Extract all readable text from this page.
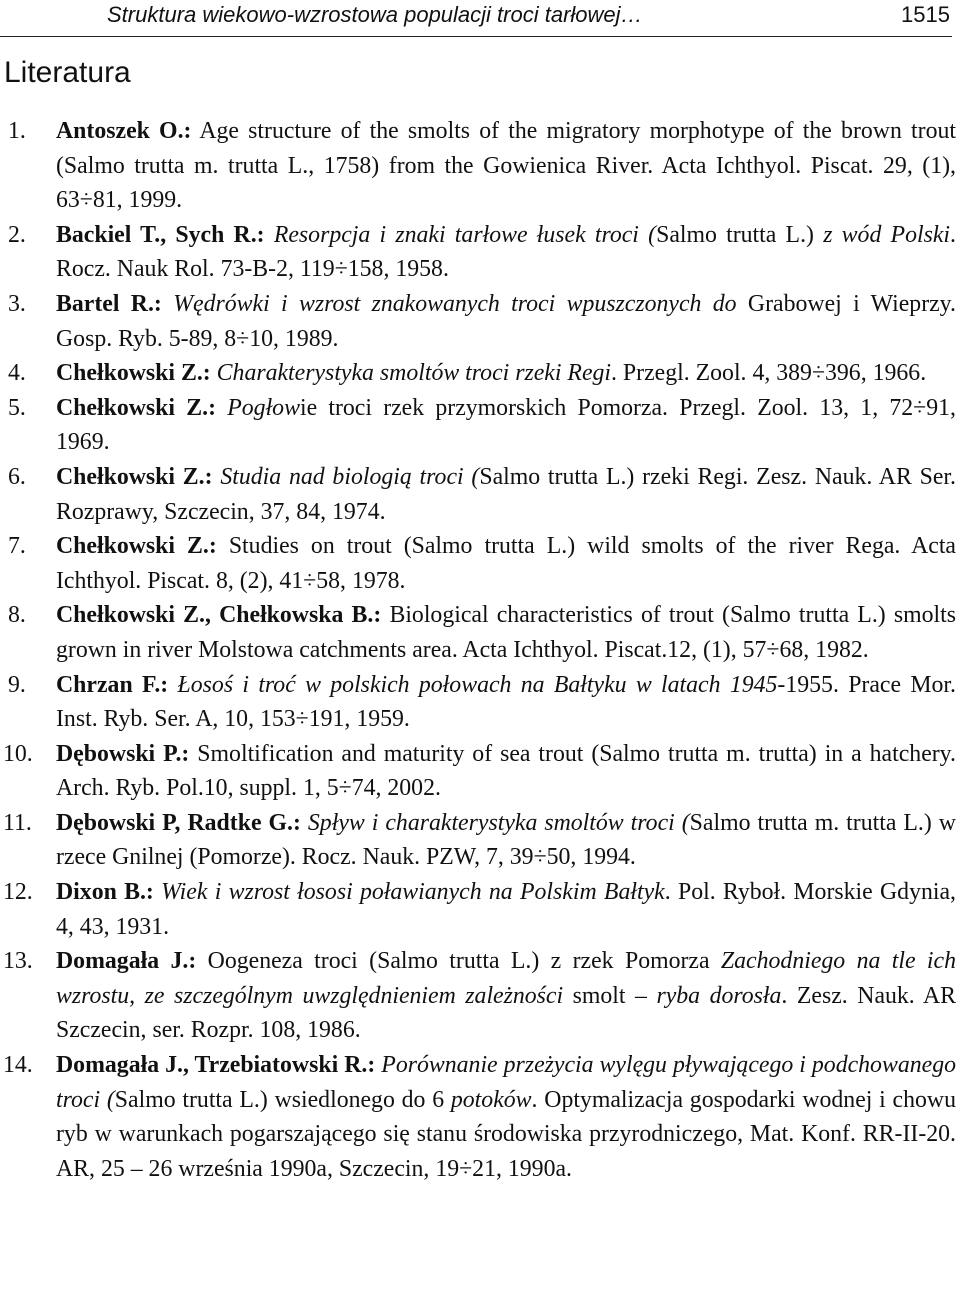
Struktura wiekowo-wzrostowa populacji troci tarłowej…	1515
Literatura
1. Antoszek O.: Age structure of the smolts of the migratory morphotype of the brown trout (Salmo trutta m. trutta L., 1758) from the Gowienica River. Acta Ichthyol. Piscat. 29, (1), 63÷81, 1999.
2. Backiel T., Sych R.: Resorpcja i znaki tarłowe łusek troci (Salmo trutta L.) z wód Polski. Rocz. Nauk Rol. 73-B-2, 119÷158, 1958.
3. Bartel R.: Wędrówki i wzrost znakowanych troci wpuszczonych do Grabowej i Wieprzy. Gosp. Ryb. 5-89, 8÷10, 1989.
4. Chełkowski Z.: Charakterystyka smoltów troci rzeki Regi. Przegl. Zool. 4, 389÷396, 1966.
5. Chełkowski Z.: Pogłowie troci rzek przymorskich Pomorza. Przegl. Zool. 13, 1, 72÷91, 1969.
6. Chełkowski Z.: Studia nad biologią troci (Salmo trutta L.) rzeki Regi. Zesz. Nauk. AR Ser. Rozprawy, Szczecin, 37, 84, 1974.
7. Chełkowski Z.: Studies on trout (Salmo trutta L.) wild smolts of the river Rega. Acta Ichthyol. Piscat. 8, (2), 41÷58, 1978.
8. Chełkowski Z., Chełkowska B.: Biological characteristics of trout (Salmo trutta L.) smolts grown in river Molstowa catchments area. Acta Ichthyol. Piscat.12, (1), 57÷68, 1982.
9. Chrzan F.: Łosoś i troć w polskich połowach na Bałtyku w latach 1945-1955. Prace Mor. Inst. Ryb. Ser. A, 10, 153÷191, 1959.
10. Dębowski P.: Smoltification and maturity of sea trout (Salmo trutta m. trutta) in a hatchery. Arch. Ryb. Pol.10, suppl. 1, 5÷74, 2002.
11. Dębowski P, Radtke G.: Spływ i charakterystyka smoltów troci (Salmo trutta m. trutta L.) w rzece Gnilnej (Pomorze). Rocz. Nauk. PZW, 7, 39÷50, 1994.
12. Dixon B.: Wiek i wzrost łososi poławianych na Polskim Bałtyk. Pol. Ryboł. Morskie Gdynia, 4, 43, 1931.
13. Domagała J.: Oogeneza troci (Salmo trutta L.) z rzek Pomorza Zachodniego na tle ich wzrostu, ze szczególnym uwzględnieniem zależności smolt – ryba dorosła. Zesz. Nauk. AR Szczecin, ser. Rozpr. 108, 1986.
14. Domagała J., Trzebiatowski R.: Porównanie przeżycia wylęgu pływającego i podchowanego troci (Salmo trutta L.) wsiedlonego do 6 potoków. Optymalizacja gospodarki wodnej i chowu ryb w warunkach pogarszającego się stanu środowiska przyrodniczego, Mat. Konf. RR-II-20. AR, 25 – 26 września 1990a, Szczecin, 19÷21, 1990a.
